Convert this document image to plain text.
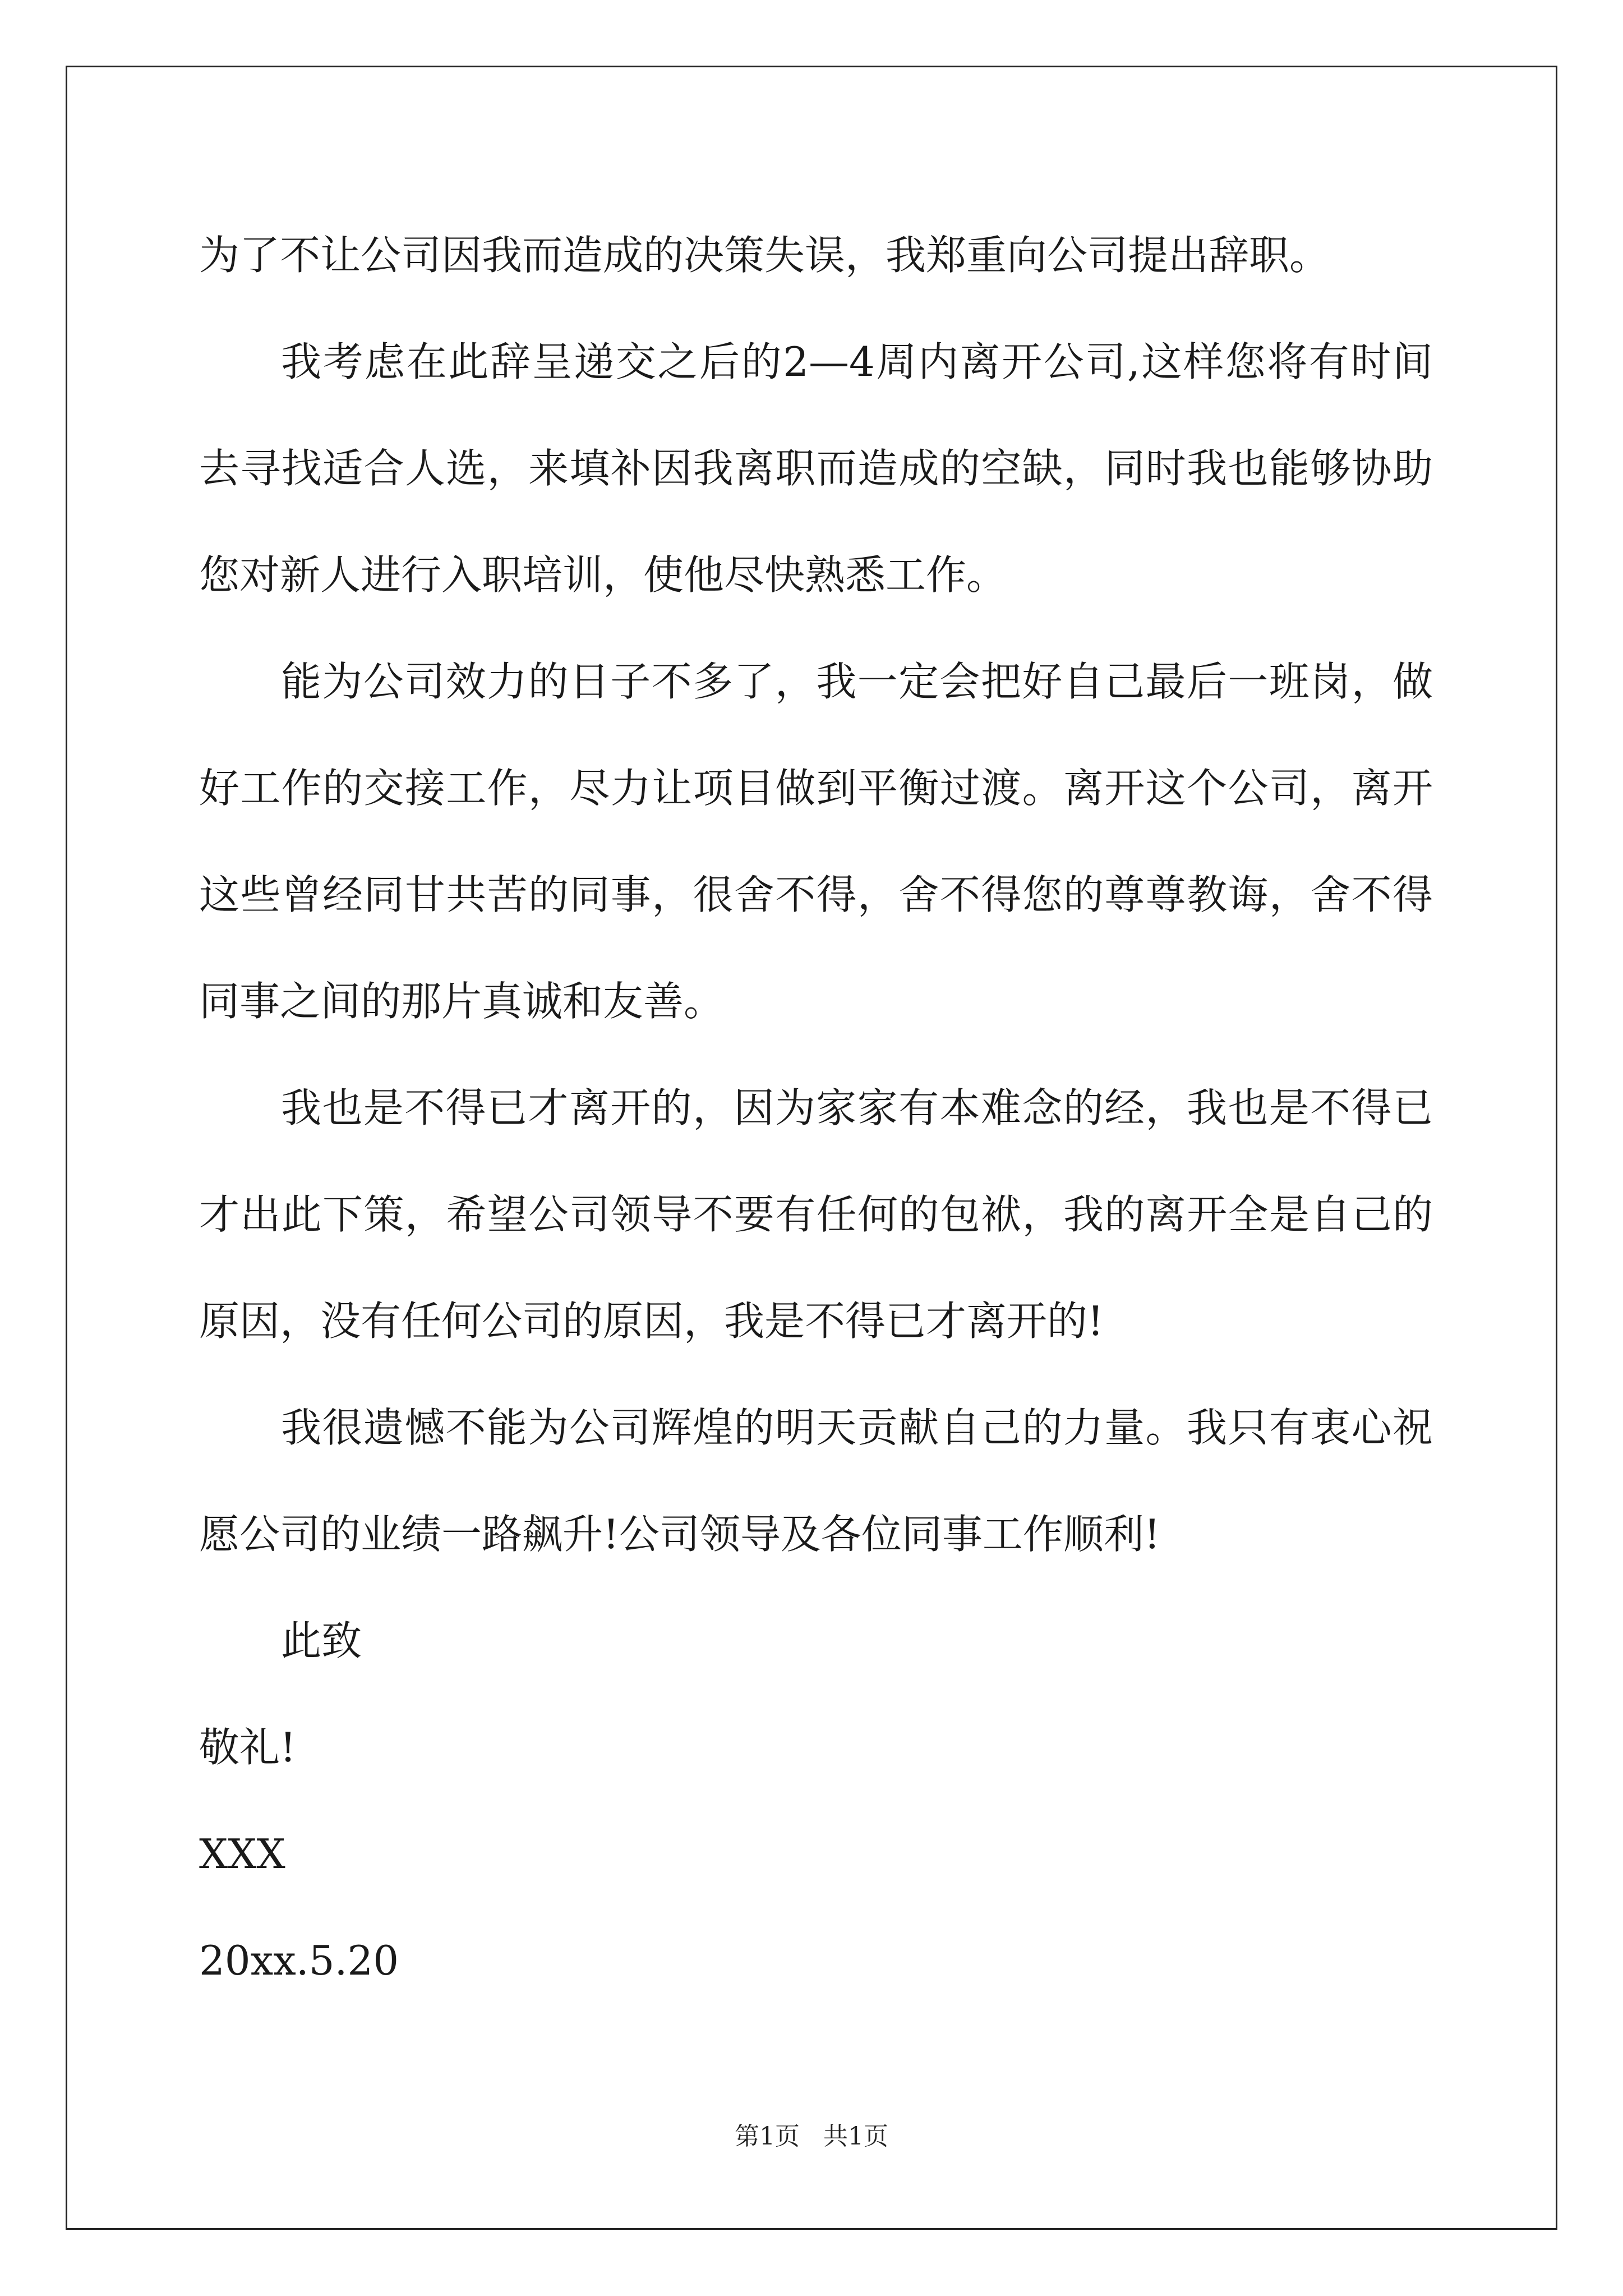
为了不让公司因我而造成的决策失误，我郑重向公司提出辞职。

我考虑在此辞呈递交之后的2—4周内离开公司,这样您将有时间去寻找适合人选，来填补因我离职而造成的空缺，同时我也能够协助您对新人进行入职培训，使他尽快熟悉工作。

能为公司效力的日子不多了，我一定会把好自己最后一班岗，做好工作的交接工作，尽力让项目做到平衡过渡。离开这个公司，离开这些曾经同甘共苦的同事，很舍不得，舍不得您的尊尊教诲，舍不得同事之间的那片真诚和友善。

我也是不得已才离开的，因为家家有本难念的经，我也是不得已才出此下策，希望公司领导不要有任何的包袱，我的离开全是自己的原因，没有任何公司的原因，我是不得已才离开的!

我很遗憾不能为公司辉煌的明天贡献自己的力量。我只有衷心祝愿公司的业绩一路飙升!公司领导及各位同事工作顺利!

此致

敬礼!

XXX

20xx.5.20

第1页   共1页
